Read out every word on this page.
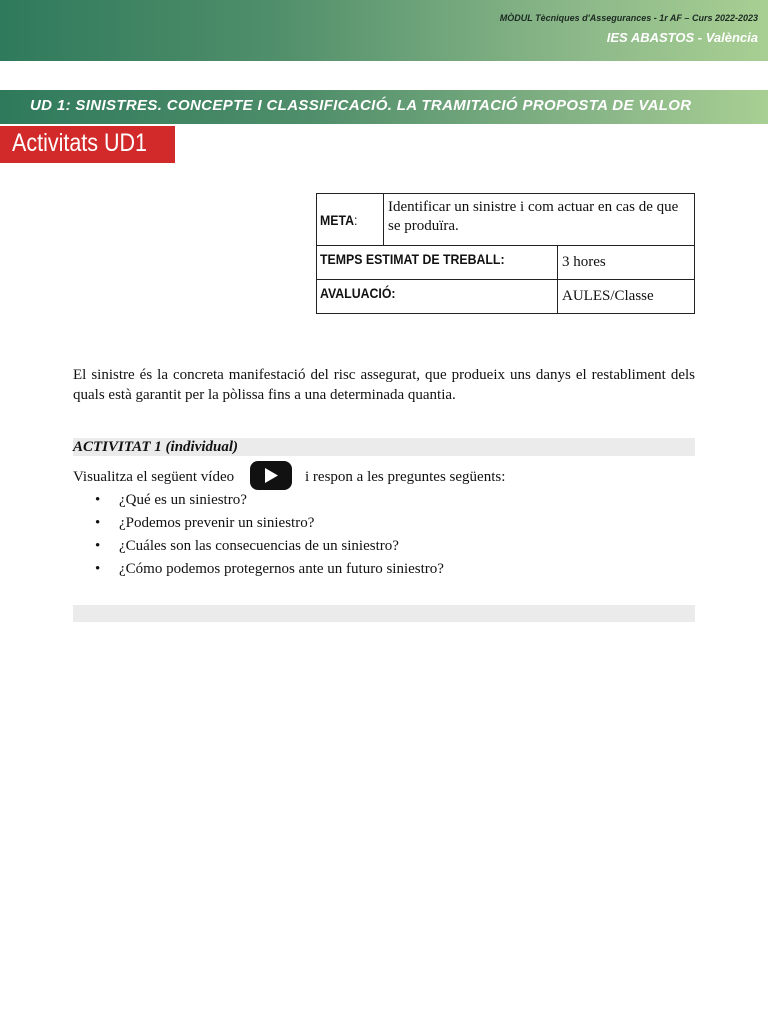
MÒDUL Tècniques d'Assegurances - 1r AF – Curs 2022-2023
IES ABASTOS - València
UD 1: SINISTRES. CONCEPTE I CLASSIFICACIÓ. LA TRAMITACIÓ PROPOSTA DE VALOR
Activitats UD1
META:	Identificar un sinistre i com actuar en cas de que se produïra.	
TEMPS ESTIMAT DE TREBALL:		3 hores
AVALUACIÓ:		AULES/Classe
El sinistre és la concreta manifestació del risc assegurat, que produeix uns danys el restabliment dels quals està garantit per la pòlissa fins a una determinada quantia.
ACTIVITAT 1 (individual)
Visualitza el següent vídeo	i respon a les preguntes següents:
• ¿Qué es un siniestro?
• ¿Podemos prevenir un siniestro?
• ¿Cuáles son las consecuencias de un siniestro?
• ¿Cómo podemos protegernos ante un futuro siniestro?
